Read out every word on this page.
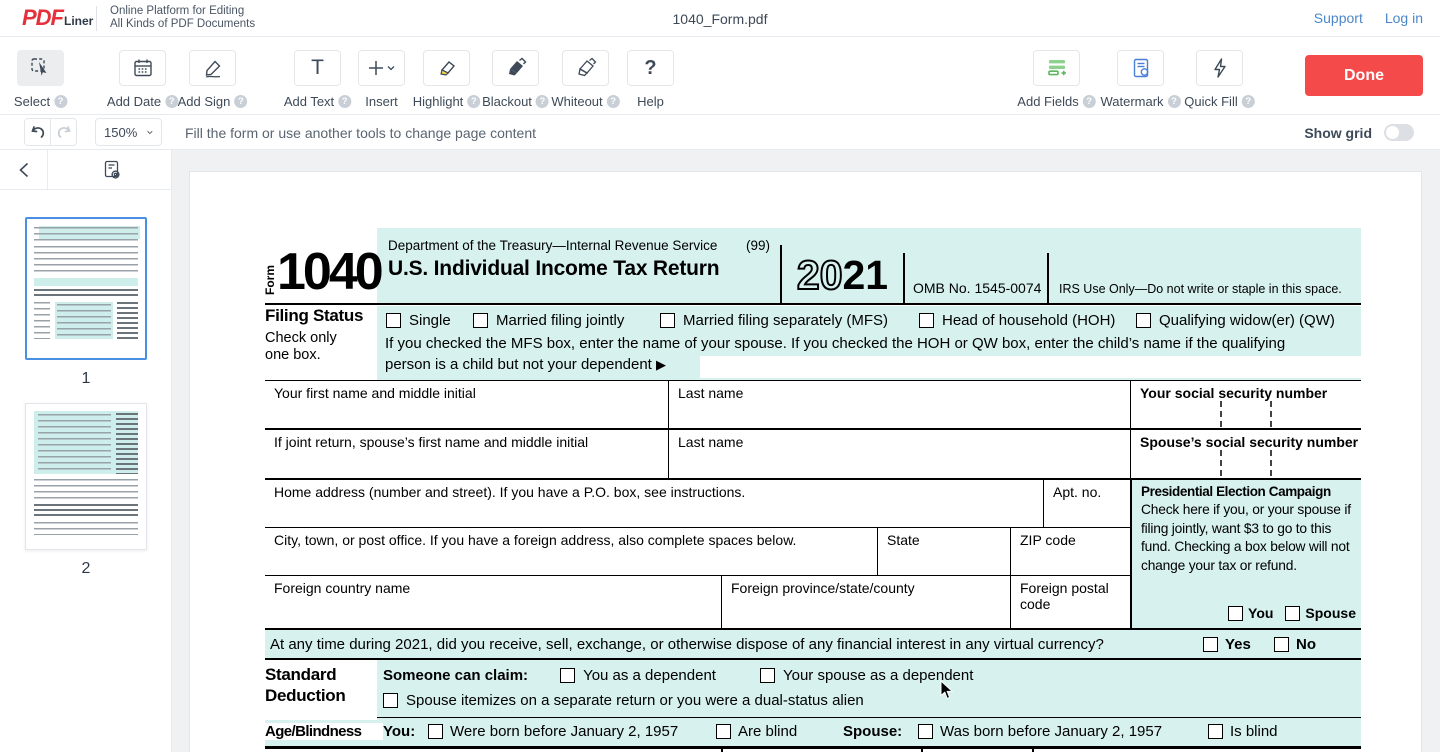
PDF Liner
Online Platform for Editing
All Kinds of PDF Documents	1040_Form.pdf	Support Log in
Select ?	Add Date ? Add Sign ?
T
Add Text ? Insert Highlight ? Blackout ? Whiteout ?
?
Help	Add Fields ? Watermark ? Quick Fill ?
Done
150%	Fill the form or use another tools to change page content	Show grid
1
2
Form 1040 Department of the Treasury—Internal Revenue Service (99)
U.S. Individual Income Tax Return	20 21	OMB No. 1545-0074	IRS Use Only—Do not write or staple in this space.
Filing Status
Check only
one box.
Single	Married filing jointly	Married filing separately (MFS)	Head of household (HOH)	Qualifying widow(er) (QW)
If you checked the MFS box, enter the name of your spouse. If you checked the HOH or QW box, enter the child’s name if the qualifying
person is a child but not your dependent ▶
Your first name and middle initial	Last name	Your social security number
If joint return, spouse’s first name and middle initial	Last name	Spouse’s social security number
Home address (number and street). If you have a P.O. box, see instructions.	Apt. no.
City, town, or post office. If you have a foreign address, also complete spaces below.	State	ZIP code
Foreign country name	Foreign province/state/county	Foreign postal code
Presidential Election Campaign
Check here if you, or your spouse if filing jointly, want $3 to go to this fund. Checking a box below will not change your tax or refund.
You Spouse
At any time during 2021, did you receive, sell, exchange, or otherwise dispose of any financial interest in any virtual currency?	Yes	No
Standard
Deduction
Someone can claim:	You as a dependent	Your spouse as a dependent
Spouse itemizes on a separate return or you were a dual-status alien
Age/Blindness	You: Were born before January 2, 1957	Are blind	Spouse:	Was born before January 2, 1957	Is blind
